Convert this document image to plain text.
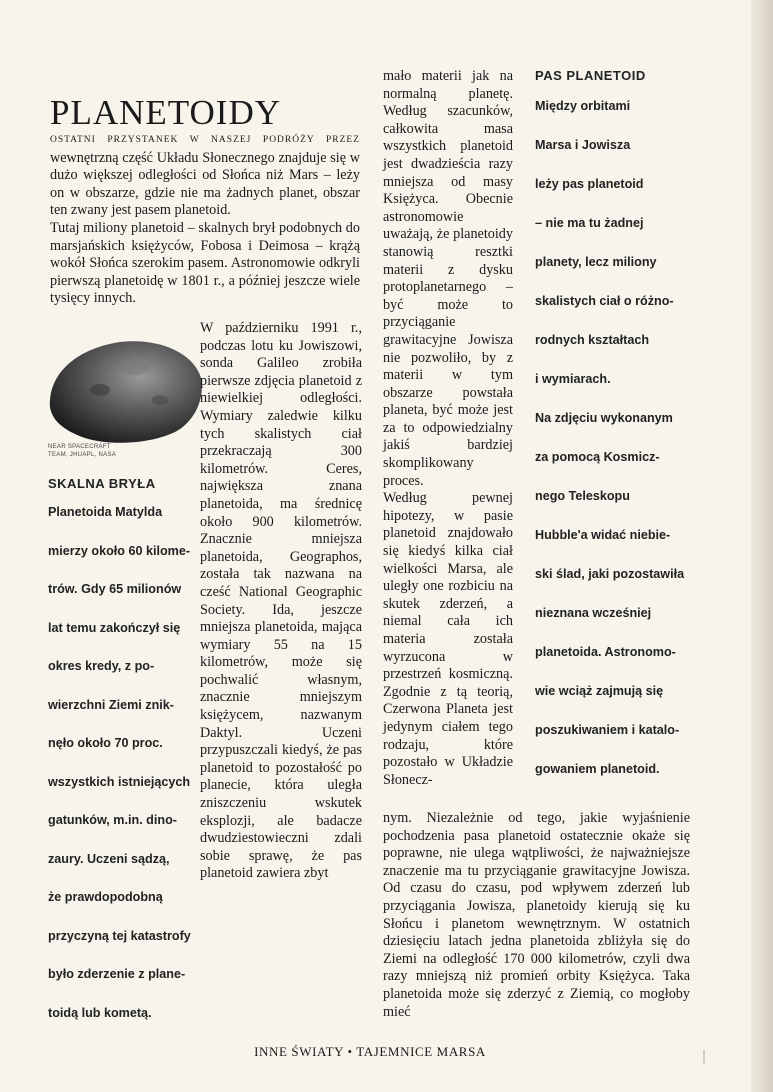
PLANETOIDY

OSTATNI PRZYSTANEK W NASZEJ PODRÓŻY PRZEZ wewnętrzną część Układu Słonecznego znajduje się w dużo większej odległości od Słońca niż Mars – leży on w obszarze, gdzie nie ma żadnych planet, obszar ten zwany jest pasem planetoid.

Tutaj miliony planetoid – skalnych brył podobnych do marsjańskich księżyców, Fobosa i Deimosa – krążą wokół Słońca szerokim pasem. Astronomowie odkryli pierwszą planetoidę w 1801 r., a później jeszcze wiele tysięcy innych.

NEAR SPACECRAFT
TEAM, JHUAPL, NASA
W październiku 1991 r., podczas lotu ku Jowiszowi, sonda Galileo zrobiła pierwsze zdjęcia planetoid z niewielkiej odległości. Wymiary zaledwie kilku tych skalistych ciał przekraczają 300 kilometrów. Ceres, największa znana planetoida, ma średnicę około 900 kilometrów. Znacznie mniejsza planetoida, Geographos, została tak nazwana na cześć National Geographic Society. Ida, jeszcze mniejsza planetoida, mająca wymiary 55 na 15 kilometrów, może się pochwalić własnym, znacznie mniejszym księżycem, nazwanym Daktyl. Uczeni przypuszczali kiedyś, że pas planetoid to pozostałość po planecie, która uległa zniszczeniu wskutek eksplozji, ale badacze dwudziestowieczni zdali sobie sprawę, że pas planetoid zawiera zbyt

mało materii jak na normalną planetę. Według szacunków, całkowita masa wszystkich planetoid jest dwadzieścia razy mniejsza od masy Księżyca. Obecnie astronomowie uważają, że planetoidy stanowią resztki materii z dysku protoplanetarnego – być może to przyciąganie grawitacyjne Jowisza nie pozwoliło, by z materii w tym obszarze powstała planeta, być może jest za to odpowiedzialny jakiś bardziej skomplikowany proces.

Według pewnej hipotezy, w pasie planetoid znajdowało się kiedyś kilka ciał wielkości Marsa, ale uległy one rozbiciu na skutek zderzeń, a niemal cała ich materia została wyrzucona w przestrzeń kosmiczną. Zgodnie z tą teorią, Czerwona Planeta jest jedynym ciałem tego rodzaju, które pozostało w Układzie Słonecz-

nym. Niezależnie od tego, jakie wyjaśnienie pochodzenia pasa planetoid ostatecznie okaże się poprawne, nie ulega wątpliwości, że najważniejsze znaczenie ma tu przyciąganie grawitacyjne Jowisza. Od czasu do czasu, pod wpływem zderzeń lub przyciągania Jowisza, planetoidy kierują się ku Słońcu i planetom wewnętrznym. W ostatnich dziesięciu latach jedna planetoida zbliżyła się do Ziemi na odległość 170 000 kilometrów, czyli dwa razy mniejszą niż promień orbity Księżyca. Taka planetoida może się zderzyć z Ziemią, co mogłoby mieć
SKALNA BRYŁA
Planetoida Matylda
mierzy około 60 kilome-
trów. Gdy 65 milionów
lat temu zakończył się
okres kredy, z po-
wierzchni Ziemi znik-
nęło około 70 proc.
wszystkich istniejących
gatunków, m.in. dino-
zaury. Uczeni sądzą,
że prawdopodobną
przyczyną tej katastrofy
było zderzenie z plane-
toidą lub kometą.
PAS PLANETOID
Między orbitami
Marsa i Jowisza
leży pas planetoid
– nie ma tu żadnej
planety, lecz miliony
skalistych ciał o różno-
rodnych kształtach
i wymiarach.
Na zdjęciu wykonanym
za pomocą Kosmicz-
nego Teleskopu
Hubble'a widać niebie-
ski ślad, jaki pozostawiła
nieznana wcześniej
planetoida. Astronomo-
wie wciąż zajmują się
poszukiwaniem i katalo-
gowaniem planetoid.
INNE ŚWIATY • TAJEMNICE MARSA
